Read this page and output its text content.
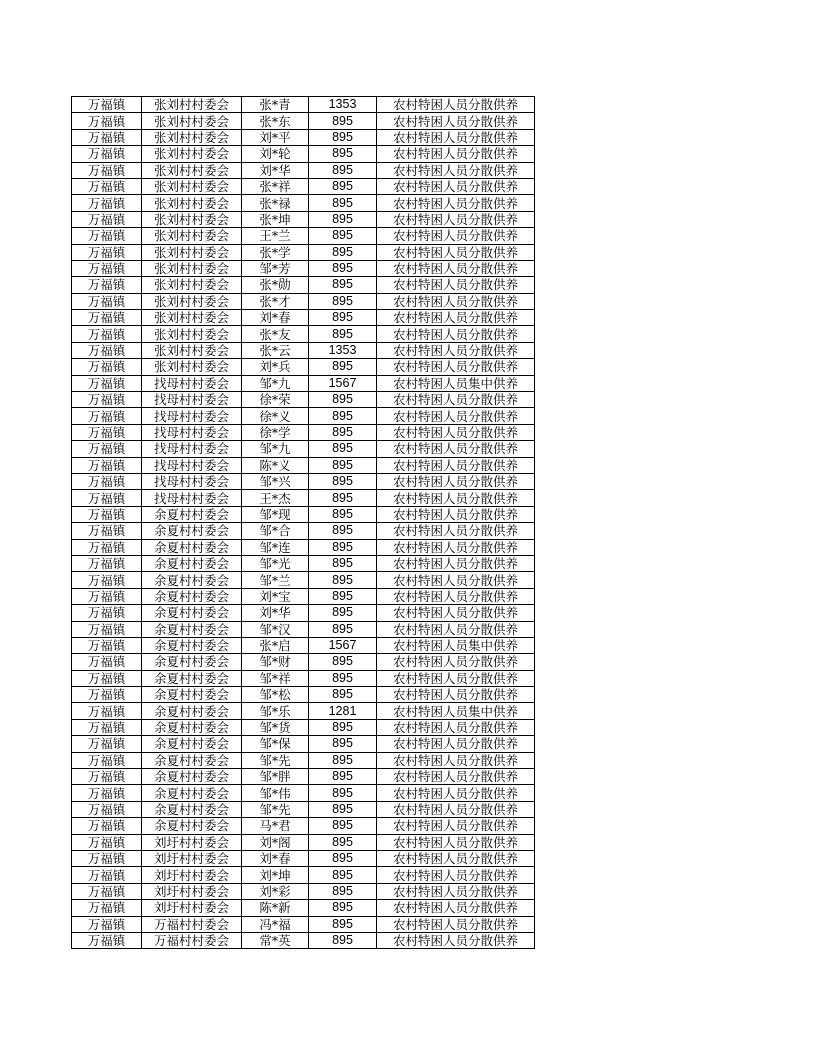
万福镇	张刘村村委会	张*青	1353	农村特困人员分散供养
万福镇	张刘村村委会	张*东	895	农村特困人员分散供养
万福镇	张刘村村委会	刘*平	895	农村特困人员分散供养
万福镇	张刘村村委会	刘*轮	895	农村特困人员分散供养
万福镇	张刘村村委会	刘*华	895	农村特困人员分散供养
万福镇	张刘村村委会	张*祥	895	农村特困人员分散供养
万福镇	张刘村村委会	张*禄	895	农村特困人员分散供养
万福镇	张刘村村委会	张*坤	895	农村特困人员分散供养
万福镇	张刘村村委会	王*兰	895	农村特困人员分散供养
万福镇	张刘村村委会	张*学	895	农村特困人员分散供养
万福镇	张刘村村委会	邹*芳	895	农村特困人员分散供养
万福镇	张刘村村委会	张*勋	895	农村特困人员分散供养
万福镇	张刘村村委会	张*才	895	农村特困人员分散供养
万福镇	张刘村村委会	刘*春	895	农村特困人员分散供养
万福镇	张刘村村委会	张*友	895	农村特困人员分散供养
万福镇	张刘村村委会	张*云	1353	农村特困人员分散供养
万福镇	张刘村村委会	刘*兵	895	农村特困人员分散供养
万福镇	找母村村委会	邹*九	1567	农村特困人员集中供养
万福镇	找母村村委会	徐*荣	895	农村特困人员分散供养
万福镇	找母村村委会	徐*义	895	农村特困人员分散供养
万福镇	找母村村委会	徐*学	895	农村特困人员分散供养
万福镇	找母村村委会	邹*九	895	农村特困人员分散供养
万福镇	找母村村委会	陈*义	895	农村特困人员分散供养
万福镇	找母村村委会	邹*兴	895	农村特困人员分散供养
万福镇	找母村村委会	王*杰	895	农村特困人员分散供养
万福镇	余夏村村委会	邹*现	895	农村特困人员分散供养
万福镇	余夏村村委会	邹*合	895	农村特困人员分散供养
万福镇	余夏村村委会	邹*连	895	农村特困人员分散供养
万福镇	余夏村村委会	邹*光	895	农村特困人员分散供养
万福镇	余夏村村委会	邹*兰	895	农村特困人员分散供养
万福镇	余夏村村委会	刘*宝	895	农村特困人员分散供养
万福镇	余夏村村委会	刘*华	895	农村特困人员分散供养
万福镇	余夏村村委会	邹*汉	895	农村特困人员分散供养
万福镇	余夏村村委会	张*启	1567	农村特困人员集中供养
万福镇	余夏村村委会	邹*财	895	农村特困人员分散供养
万福镇	余夏村村委会	邹*祥	895	农村特困人员分散供养
万福镇	余夏村村委会	邹*松	895	农村特困人员分散供养
万福镇	余夏村村委会	邹*乐	1281	农村特困人员集中供养
万福镇	余夏村村委会	邹*货	895	农村特困人员分散供养
万福镇	余夏村村委会	邹*保	895	农村特困人员分散供养
万福镇	余夏村村委会	邹*先	895	农村特困人员分散供养
万福镇	余夏村村委会	邹*胖	895	农村特困人员分散供养
万福镇	余夏村村委会	邹*伟	895	农村特困人员分散供养
万福镇	余夏村村委会	邹*先	895	农村特困人员分散供养
万福镇	余夏村村委会	马*君	895	农村特困人员分散供养
万福镇	刘圩村村委会	刘*阁	895	农村特困人员分散供养
万福镇	刘圩村村委会	刘*春	895	农村特困人员分散供养
万福镇	刘圩村村委会	刘*坤	895	农村特困人员分散供养
万福镇	刘圩村村委会	刘*彩	895	农村特困人员分散供养
万福镇	刘圩村村委会	陈*新	895	农村特困人员分散供养
万福镇	万福村村委会	冯*福	895	农村特困人员分散供养
万福镇	万福村村委会	常*英	895	农村特困人员分散供养
